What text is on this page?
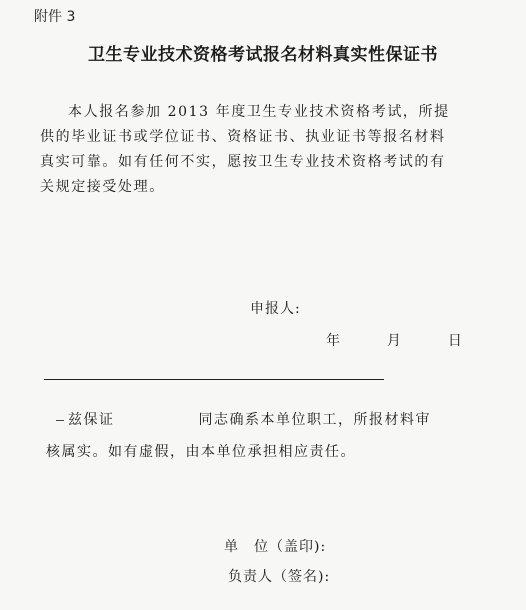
附件 3
卫生专业技术资格考试报名材料真实性保证书
本人报名参加 2013 年度卫生专业技术资格考试，所提
供的毕业证书或学位证书、资格证书、执业证书等报名材料
真实可靠。如有任何不实，愿按卫生专业技术资格考试的有
关规定接受处理。
申报人:
年	月	日
兹保证	同志确系本单位职工，所报材料审
核属实。如有虚假，由本单位承担相应责任。
单　位（盖印):
负责人（签名):
